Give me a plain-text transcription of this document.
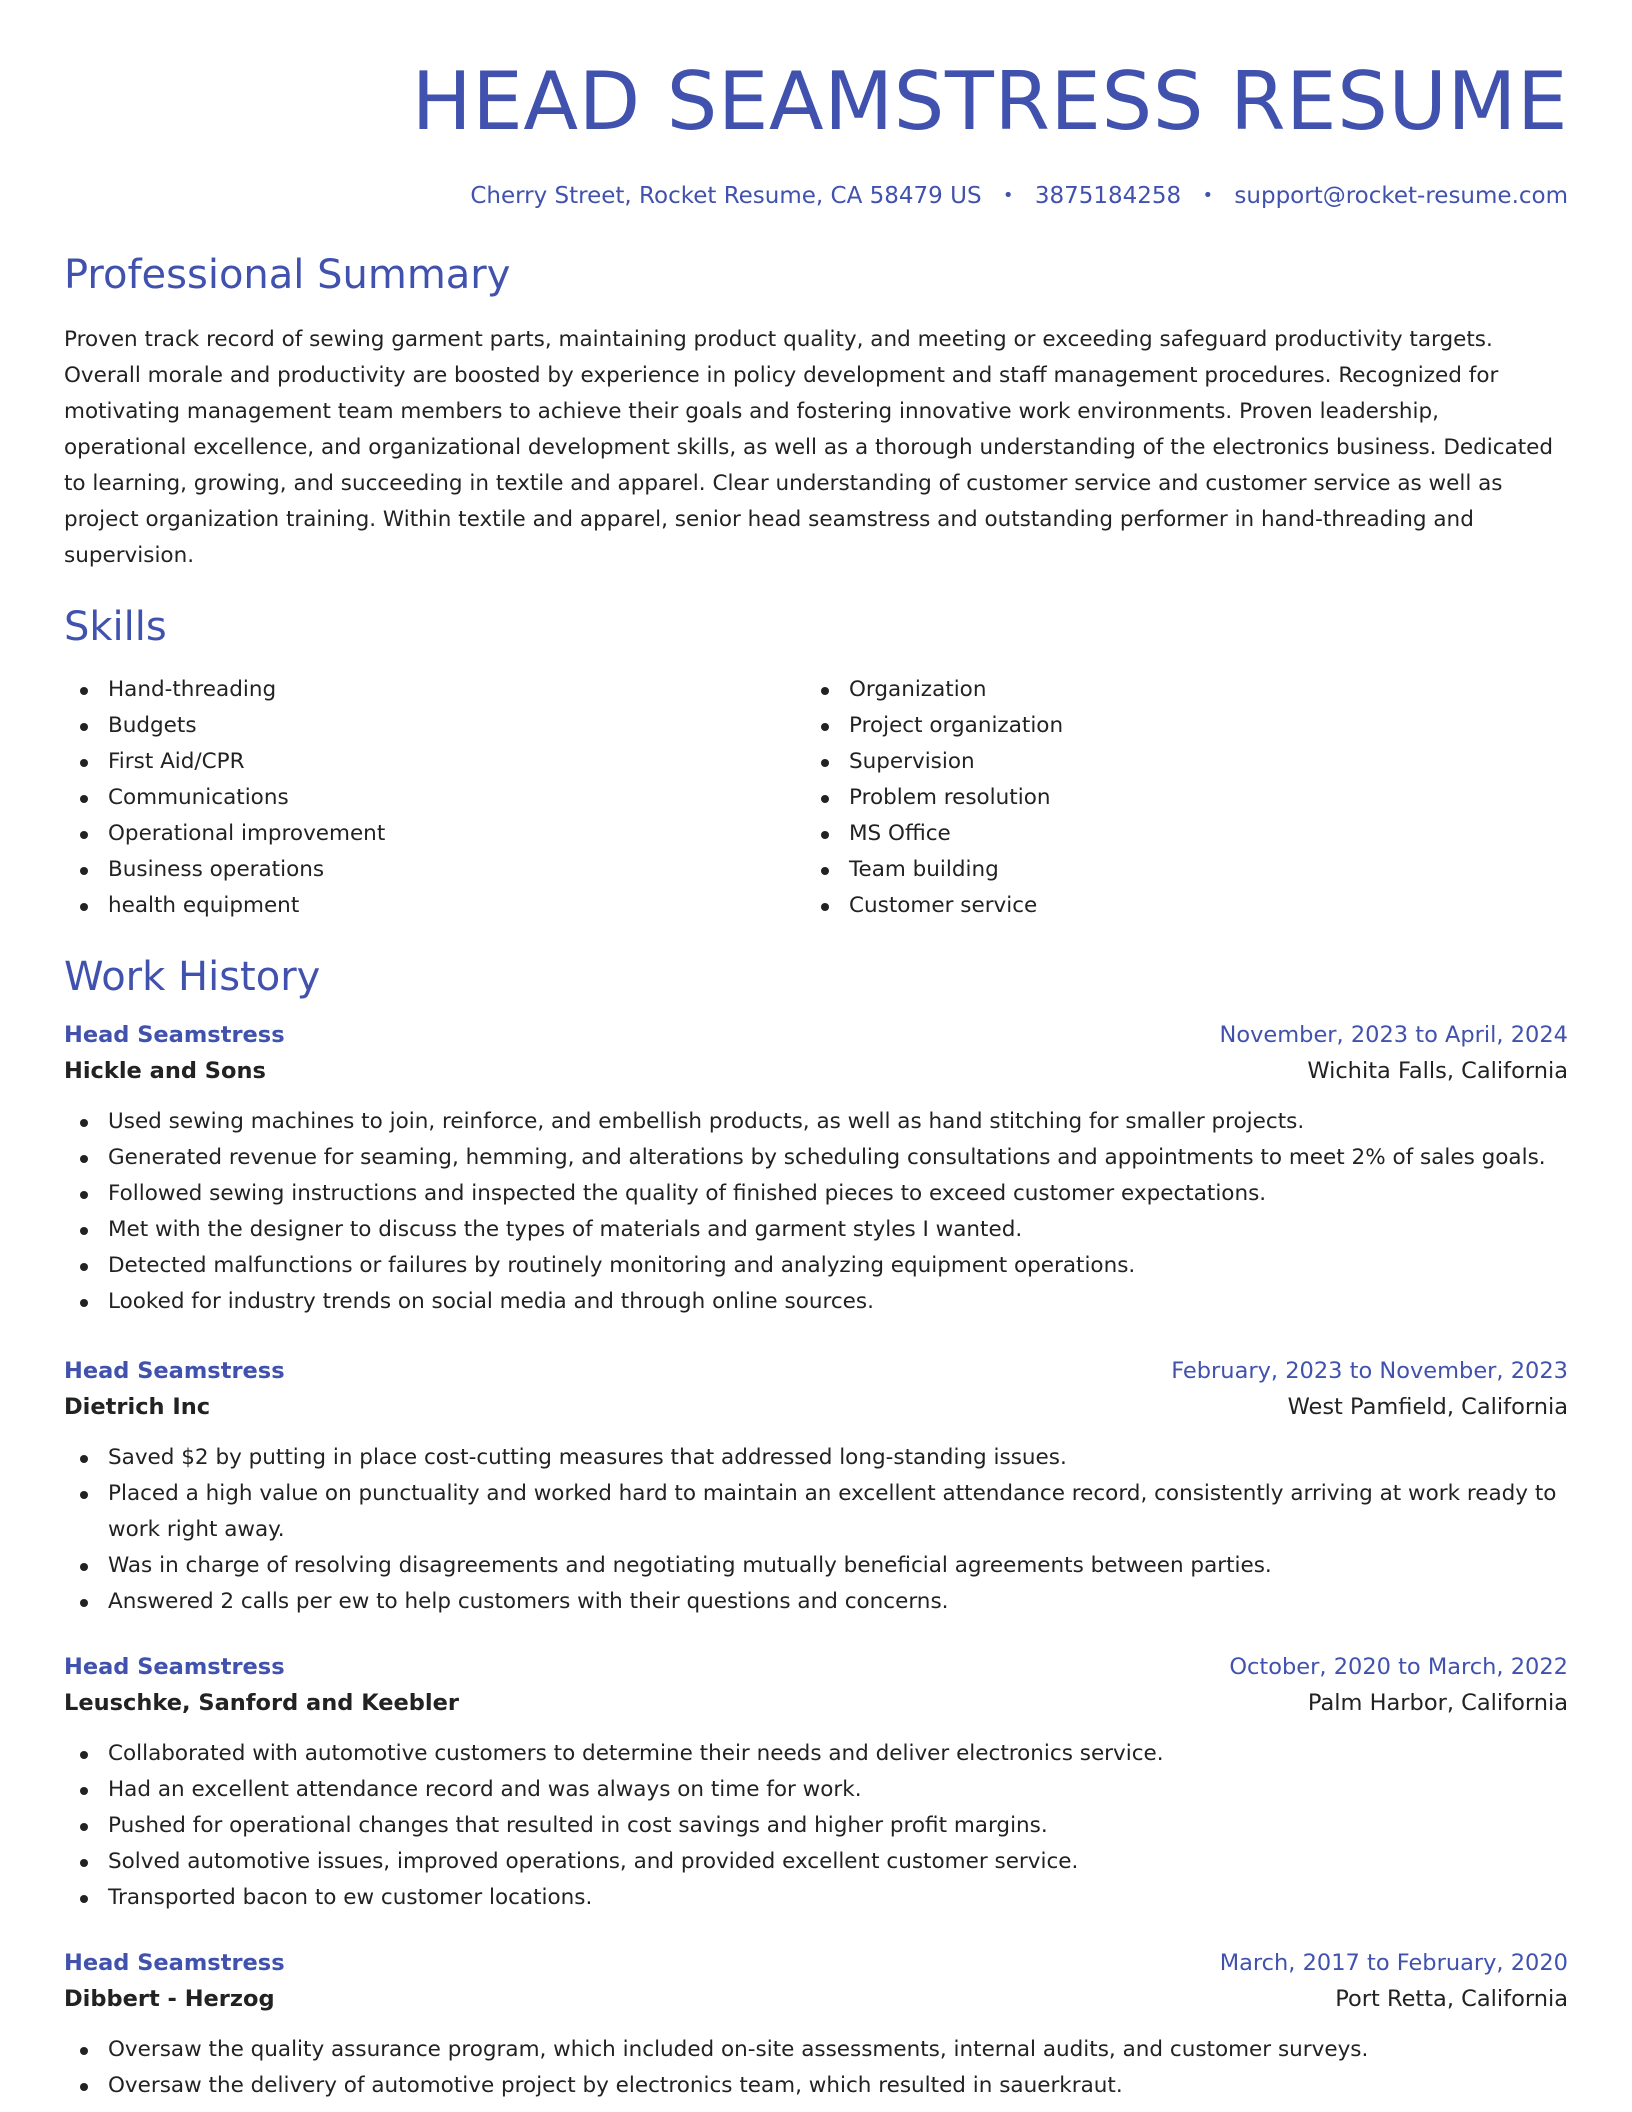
HEAD SEAMSTRESS RESUME
Cherry Street, Rocket Resume, CA 58479 US • 3875184258 • support@rocket-resume.com
Professional Summary
Proven track record of sewing garment parts, maintaining product quality, and meeting or exceeding safeguard productivity targets. Overall morale and productivity are boosted by experience in policy development and staff management procedures. Recognized for motivating management team members to achieve their goals and fostering innovative work environments. Proven leadership, operational excellence, and organizational development skills, as well as a thorough understanding of the electronics business. Dedicated to learning, growing, and succeeding in textile and apparel. Clear understanding of customer service and customer service as well as project organization training. Within textile and apparel, senior head seamstress and outstanding performer in hand-threading and supervision.
Skills
Hand-threading
Budgets
First Aid/CPR
Communications
Operational improvement
Business operations
health equipment
Organization
Project organization
Supervision
Problem resolution
MS Office
Team building
Customer service
Work History
Head Seamstress	November, 2023 to April, 2024
Hickle and Sons	Wichita Falls, California
Used sewing machines to join, reinforce, and embellish products, as well as hand stitching for smaller projects.
Generated revenue for seaming, hemming, and alterations by scheduling consultations and appointments to meet 2% of sales goals.
Followed sewing instructions and inspected the quality of finished pieces to exceed customer expectations.
Met with the designer to discuss the types of materials and garment styles I wanted.
Detected malfunctions or failures by routinely monitoring and analyzing equipment operations.
Looked for industry trends on social media and through online sources.
Head Seamstress	February, 2023 to November, 2023
Dietrich Inc	West Pamfield, California
Saved $2 by putting in place cost-cutting measures that addressed long-standing issues.
Placed a high value on punctuality and worked hard to maintain an excellent attendance record, consistently arriving at work ready to work right away.
Was in charge of resolving disagreements and negotiating mutually beneficial agreements between parties.
Answered 2 calls per ew to help customers with their questions and concerns.
Head Seamstress	October, 2020 to March, 2022
Leuschke, Sanford and Keebler	Palm Harbor, California
Collaborated with automotive customers to determine their needs and deliver electronics service.
Had an excellent attendance record and was always on time for work.
Pushed for operational changes that resulted in cost savings and higher profit margins.
Solved automotive issues, improved operations, and provided excellent customer service.
Transported bacon to ew customer locations.
Head Seamstress	March, 2017 to February, 2020
Dibbert - Herzog	Port Retta, California
Oversaw the quality assurance program, which included on-site assessments, internal audits, and customer surveys.
Oversaw the delivery of automotive project by electronics team, which resulted in sauerkraut.
